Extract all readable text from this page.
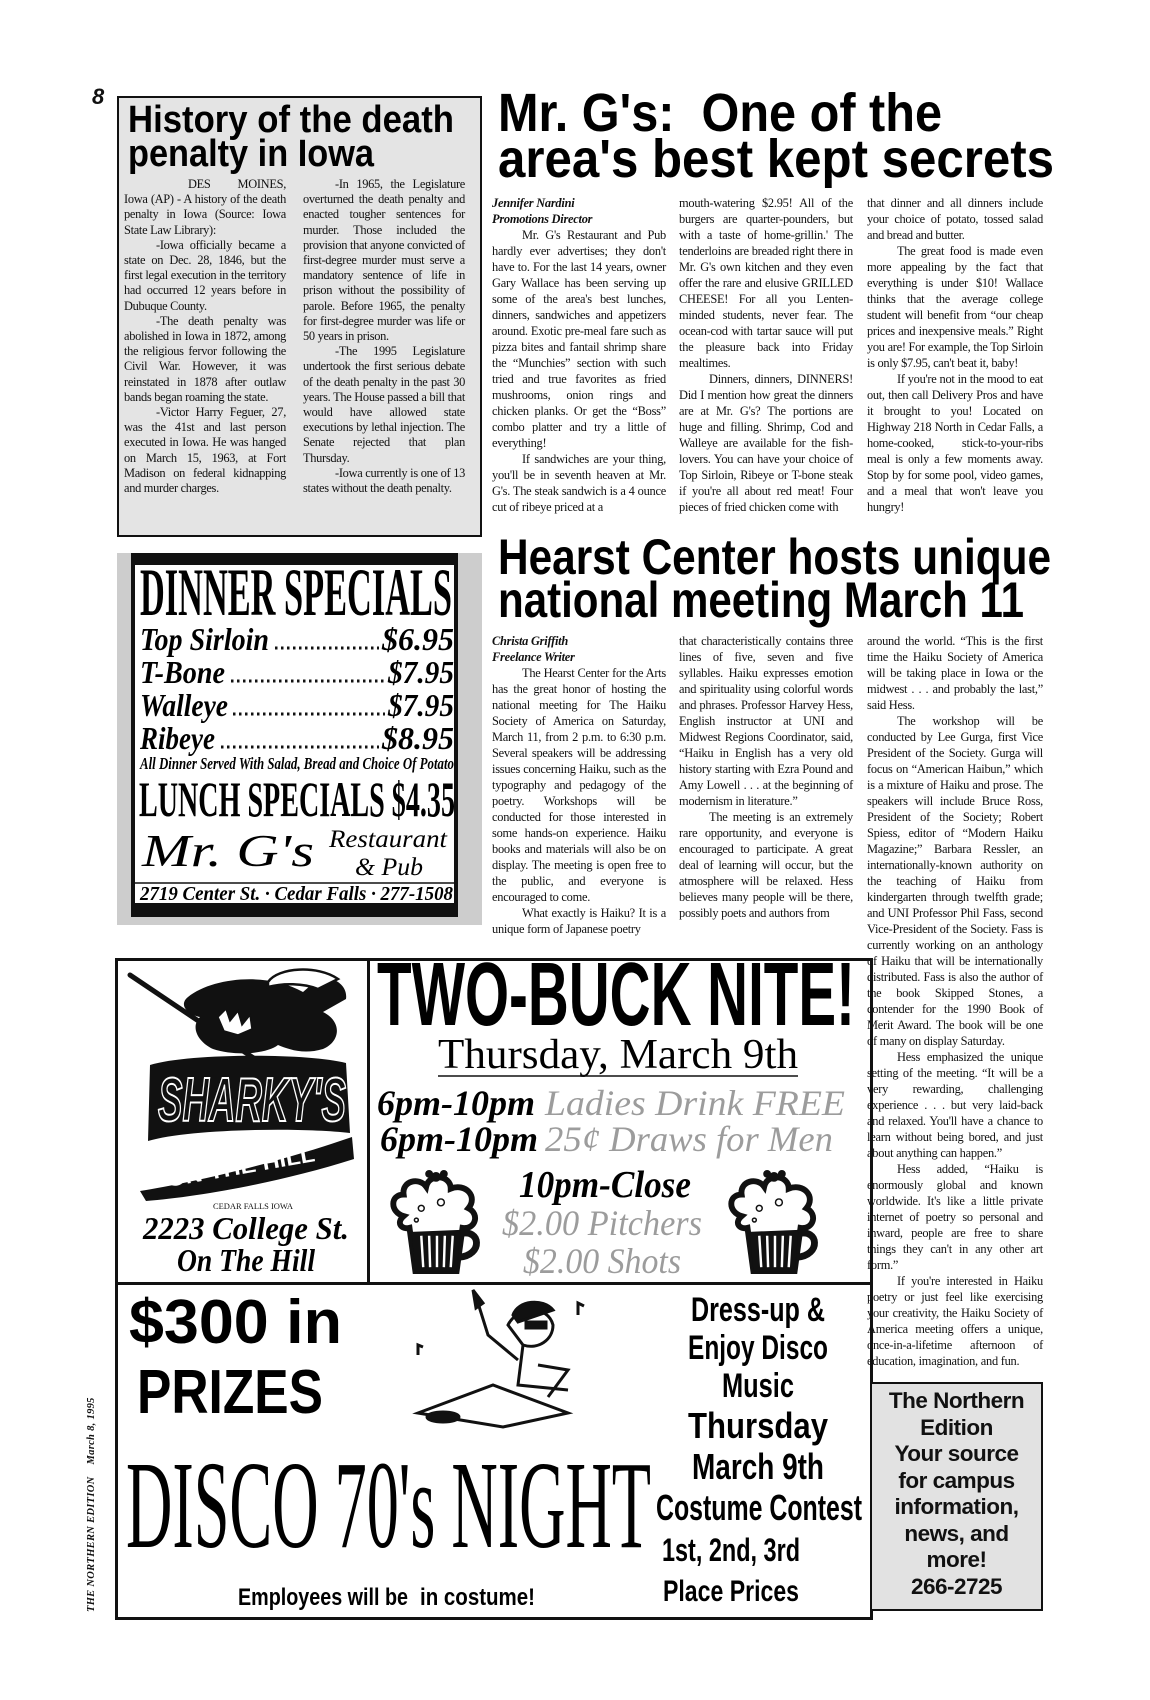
8
History of the death
penalty in Iowa

DES MOINES, Iowa (AP) - A history of the death penalty in Iowa (Source: Iowa State Law Library):

-Iowa officially became a state on Dec. 28, 1846, but the first legal execution in the territory had occurred 12 years before in Dubuque County.

-The death penalty was abolished in Iowa in 1872, among the religious fervor following the Civil War. However, it was reinstated in 1878 after outlaw bands began roaming the state.

-Victor Harry Feguer, 27, was the 41st and last person executed in Iowa. He was hanged on March 15, 1963, at Fort Madison on federal kidnapping and murder charges.

-In 1965, the Legislature overturned the death penalty and enacted tougher sentences for murder. Those included the provision that anyone convicted of first-degree murder must serve a mandatory sentence of life in prison without the possibility of parole. Before 1965, the penalty for first-degree murder was life or 50 years in prison.

-The 1995 Legislature undertook the first serious debate of the death penalty in the past 30 years. The House passed a bill that would have allowed state executions by lethal injection. The Senate rejected that plan Thursday.

-Iowa currently is one of 13 states without the death penalty.

Mr. G's:  One of the
area's best kept secrets
Jennifer Nardini
Promotions Director

Mr. G's Restaurant and Pub hardly ever advertises; they don't have to. For the last 14 years, owner Gary Wallace has been serving up some of the area's best lunches, dinners, sandwiches and appetizers around. Exotic pre-meal fare such as pizza bites and fantail shrimp share the “Munchies” section with such tried and true favorites as fried mushrooms, onion rings and chicken planks. Or get the “Boss” combo platter and try a little of everything!

If sandwiches are your thing, you'll be in seventh heaven at Mr. G's. The steak sandwich is a 4 ounce cut of ribeye priced at a

mouth-watering $2.95! All of the burgers are quarter-pounders, but with a taste of home-grillin.' The tenderloins are breaded right there in Mr. G's own kitchen and they even offer the rare and elusive GRILLED CHEESE! For all you Lenten-minded students, never fear. The ocean-cod with tartar sauce will put the pleasure back into Friday mealtimes.

Dinners, dinners, DINNERS! Did I mention how great the dinners are at Mr. G's? The portions are huge and filling. Shrimp, Cod and Walleye are available for the fish-lovers. You can have your choice of Top Sirloin, Ribeye or T-bone steak if you're all about red meat! Four pieces of fried chicken come with

that dinner and all dinners include your choice of potato, tossed salad and bread and butter.

The great food is made even more appealing by the fact that everything is under $10! Wallace thinks that the average college student will benefit from “our cheap prices and inexpensive meals.” Right you are! For example, the Top Sirloin is only $7.95, can't beat it, baby!

If you're not in the mood to eat out, then call Delivery Pros and have it brought to you! Located on Highway 218 North in Cedar Falls, a home-cooked, stick-to-your-ribs meal is only a few moments away. Stop by for some pool, video games, and a meal that won't leave you hungry!

Hearst Center hosts unique
national meeting March 11
Christa Griffith
Freelance Writer

The Hearst Center for the Arts has the great honor of hosting the national meeting for The Haiku Society of America on Saturday, March 11, from 2 p.m. to 6:30 p.m. Several speakers will be addressing issues concerning Haiku, such as the typography and pedagogy of the poetry. Workshops will be conducted for those interested in some hands-on experience. Haiku books and materials will also be on display. The meeting is open free to the public, and everyone is encouraged to come.

What exactly is Haiku? It is a unique form of Japanese poetry

that characteristically contains three lines of five, seven and five syllables. Haiku expresses emotion and spirituality using colorful words and phrases. Professor Harvey Hess, English instructor at UNI and Midwest Regions Coordinator, said, “Haiku in English has a very old history starting with Ezra Pound and Amy Lowell . . . at the beginning of modernism in literature.”

The meeting is an extremely rare opportunity, and everyone is encouraged to participate. A great deal of learning will occur, but the atmosphere will be relaxed. Hess believes many people will be there, possibly poets and authors from

around the world. “This is the first time the Haiku Society of America will be taking place in Iowa or the midwest . . . and probably the last,” said Hess.

The workshop will be conducted by Lee Gurga, first Vice President of the Society. Gurga will focus on “American Haibun,” which is a mixture of Haiku and prose. The speakers will include Bruce Ross, President of the Society; Robert Spiess, editor of “Modern Haiku Magazine;” Barbara Ressler, an internationally-known authority on the teaching of Haiku from kindergarten through twelfth grade; and UNI Professor Phil Fass, second Vice-President of the Society. Fass is currently working on an anthology of Haiku that will be internationally distributed. Fass is also the author of the book Skipped Stones, a contender for the 1990 Book of Merit Award. The book will be one of many on display Saturday.

Hess emphasized the unique setting of the meeting. “It will be a very rewarding, challenging experience . . . but very laid-back and relaxed. You'll have a chance to learn without being bored, and just about anything can happen.”

Hess added, “Haiku is enormously global and known worldwide. It's like a little private internet of poetry so personal and inward, people are free to share things they can't in any other art form.”

If you're interested in Haiku poetry or just feel like exercising your creativity, the Haiku Society of America meeting offers a unique, once-in-a-lifetime afternoon of education, imagination, and fun.

DINNER SPECIALS
Top Sirloin	$6.95
T-Bone	$7.95
Walleye	$7.95
Ribeye	$8.95
All Dinner Served With Salad, Bread and Choice Of Potato
LUNCH SPECIALS $4.35
Mr. G's Restaurant
& Pub
2719 Center St. · Cedar Falls · 277-1508
SHARKY'S
ON THE HILL
CEDAR FALLS IOWA
2223 College St.
On The Hill
TWO-BUCK NITE!
Thursday, March 9th
6pm-10pm Ladies Drink FREE
6pm-10pm 25¢ Draws for Men
10pm-Close
$2.00 Pitchers
$2.00 Shots
$300 in
PRIZES
Dress-up &
Enjoy Disco
Music
Thursday
March 9th
Costume Contest
1st, 2nd, 3rd
Place Prices
Employees will be in costume!
DISCO 70's NIGHT
The Northern
Edition
Your source
for campus
information,
news, and
more!
266-2725
THE NORTHERN EDITIONMarch 8, 1995
